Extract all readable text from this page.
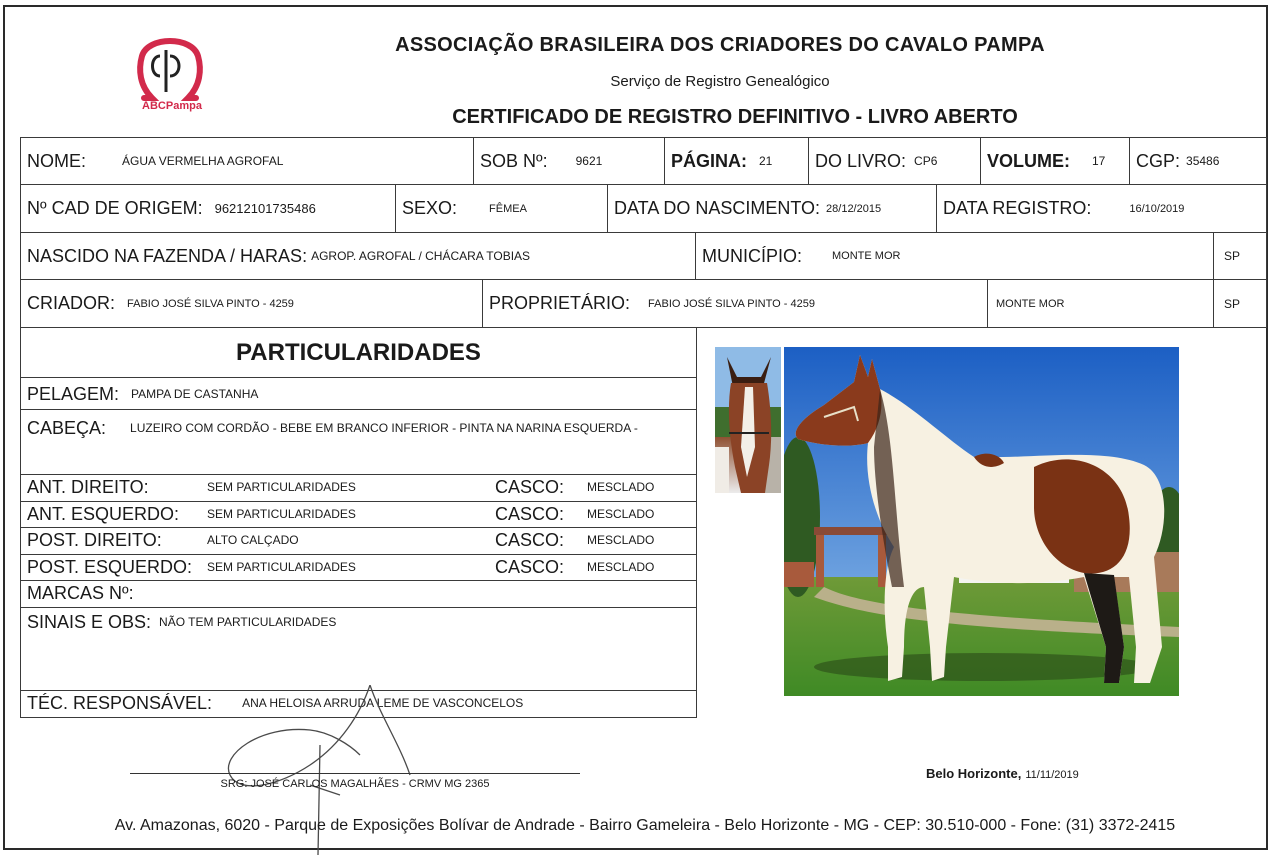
ABCPampa
ASSOCIAÇÃO BRASILEIRA DOS CRIADORES DO CAVALO PAMPA
Serviço de Registro Genealógico
CERTIFICADO DE REGISTRO DEFINITIVO - LIVRO ABERTO
NOME:	ÁGUA VERMELHA AGROFAL	SOB Nº: 9621	PÁGINA: 21 DO LIVRO: CP6	VOLUME: 17 CGP: 35486
Nº CAD DE ORIGEM: 96212101735486	SEXO:	FÊMEA	DATA DO NASCIMENTO: 28/12/2015	DATA REGISTRO:	16/10/2019
NASCIDO NA FAZENDA / HARAS: AGROP. AGROFAL / CHÁCARA TOBIAS	MUNICÍPIO:	MONTE MOR	SP
CRIADOR: FABIO JOSÉ SILVA PINTO - 4259	PROPRIETÁRIO: FABIO JOSÉ SILVA PINTO - 4259	MONTE MOR	SP
PARTICULARIDADES
PELAGEM: PAMPA DE CASTANHA
CABEÇA: LUZEIRO COM CORDÃO - BEBE EM BRANCO INFERIOR - PINTA NA NARINA ESQUERDA -
ANT. DIREITO:	SEM PARTICULARIDADES	CASCO: MESCLADO
ANT. ESQUERDO:	SEM PARTICULARIDADES	CASCO: MESCLADO
POST. DIREITO:	ALTO CALÇADO	CASCO: MESCLADO
POST. ESQUERDO:	SEM PARTICULARIDADES	CASCO: MESCLADO
MARCAS Nº:
SINAIS E OBS: NÃO TEM PARTICULARIDADES
TÉC. RESPONSÁVEL:	ANA HELOISA ARRUDA LEME DE VASCONCELOS
SRG: JOSÉ CARLOS MAGALHÃES - CRMV MG 2365
Belo Horizonte, 11/11/2019
Av. Amazonas, 6020 - Parque de Exposições Bolívar de Andrade - Bairro Gameleira - Belo Horizonte - MG - CEP: 30.510-000 - Fone: (31) 3372-2415
